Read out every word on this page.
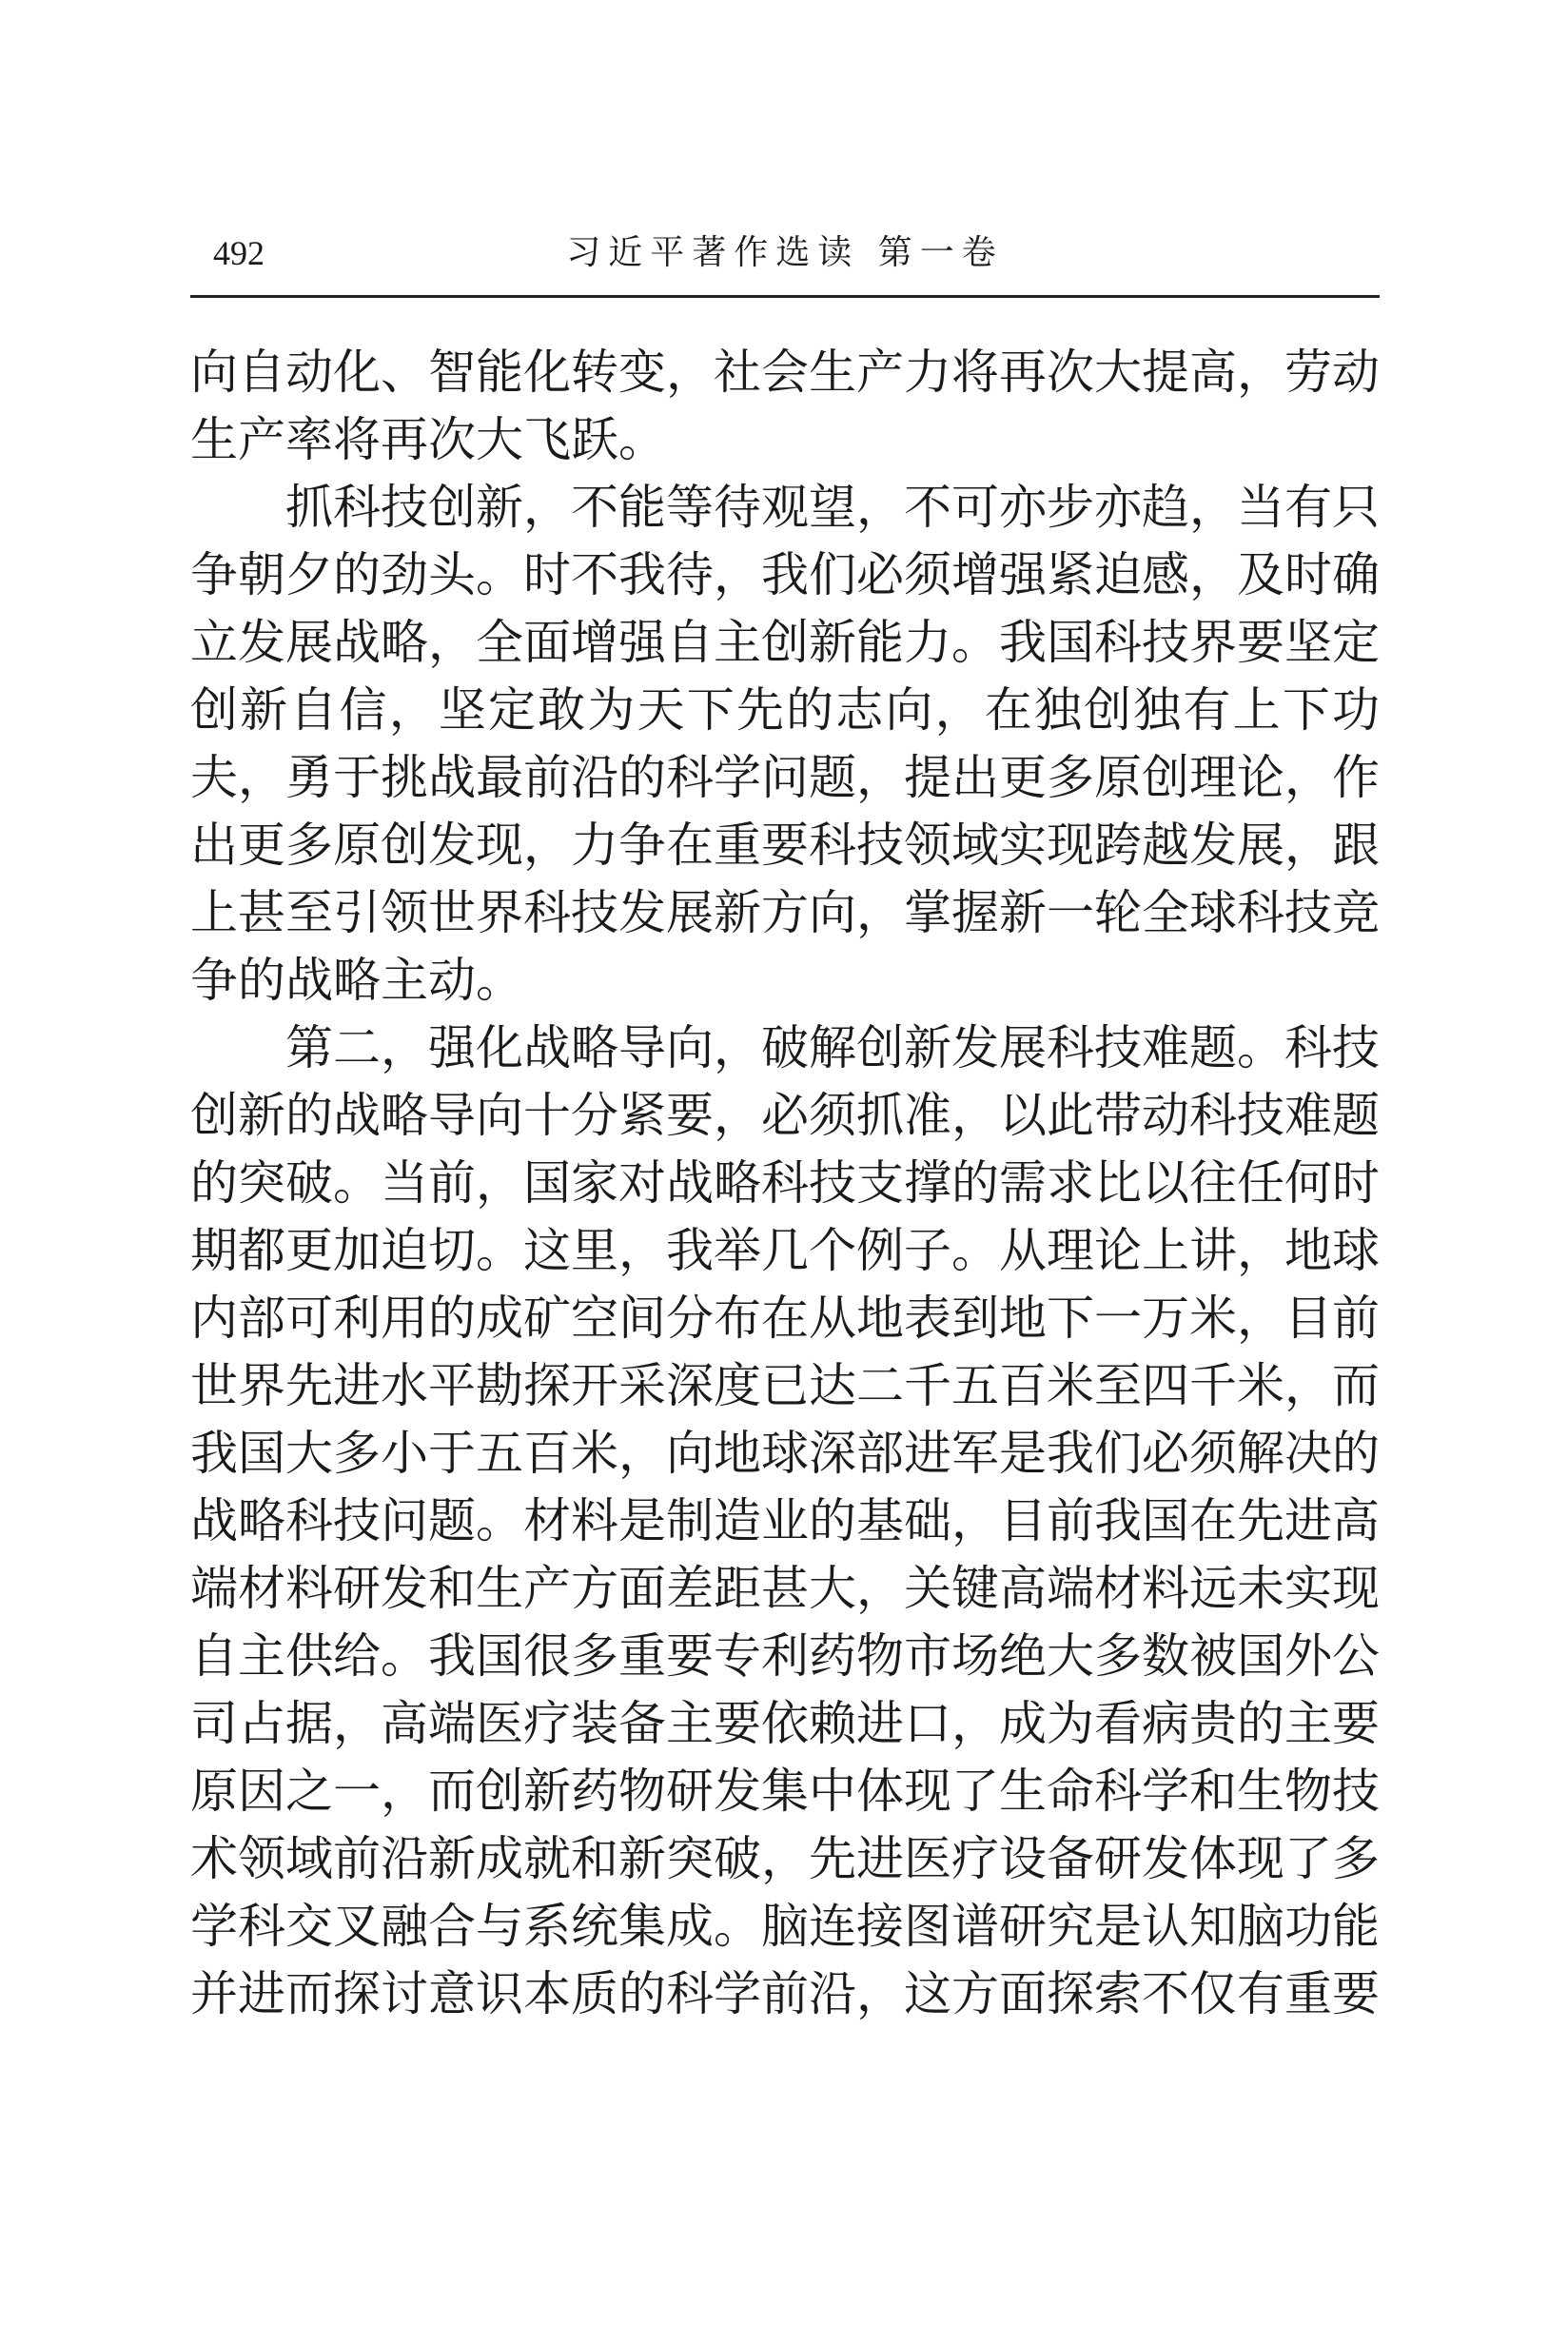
492	习近平著作选读 第一卷

向自动化、智能化转变，社会生产力将再次大提高，劳动生产率将再次大飞跃。

抓科技创新，不能等待观望，不可亦步亦趋，当有只争朝夕的劲头。时不我待，我们必须增强紧迫感，及时确立发展战略，全面增强自主创新能力。我国科技界要坚定创新自信，坚定敢为天下先的志向，在独创独有上下功夫，勇于挑战最前沿的科学问题，提出更多原创理论，作出更多原创发现，力争在重要科技领域实现跨越发展，跟上甚至引领世界科技发展新方向，掌握新一轮全球科技竞争的战略主动。

第二，强化战略导向，破解创新发展科技难题。科技创新的战略导向十分紧要，必须抓准，以此带动科技难题的突破。当前，国家对战略科技支撑的需求比以往任何时期都更加迫切。这里，我举几个例子。从理论上讲，地球内部可利用的成矿空间分布在从地表到地下一万米，目前世界先进水平勘探开采深度已达二千五百米至四千米，而我国大多小于五百米，向地球深部进军是我们必须解决的战略科技问题。材料是制造业的基础，目前我国在先进高端材料研发和生产方面差距甚大，关键高端材料远未实现自主供给。我国很多重要专利药物市场绝大多数被国外公司占据，高端医疗装备主要依赖进口，成为看病贵的主要原因之一，而创新药物研发集中体现了生命科学和生物技术领域前沿新成就和新突破，先进医疗设备研发体现了多学科交叉融合与系统集成。脑连接图谱研究是认知脑功能并进而探讨意识本质的科学前沿，这方面探索不仅有重要
